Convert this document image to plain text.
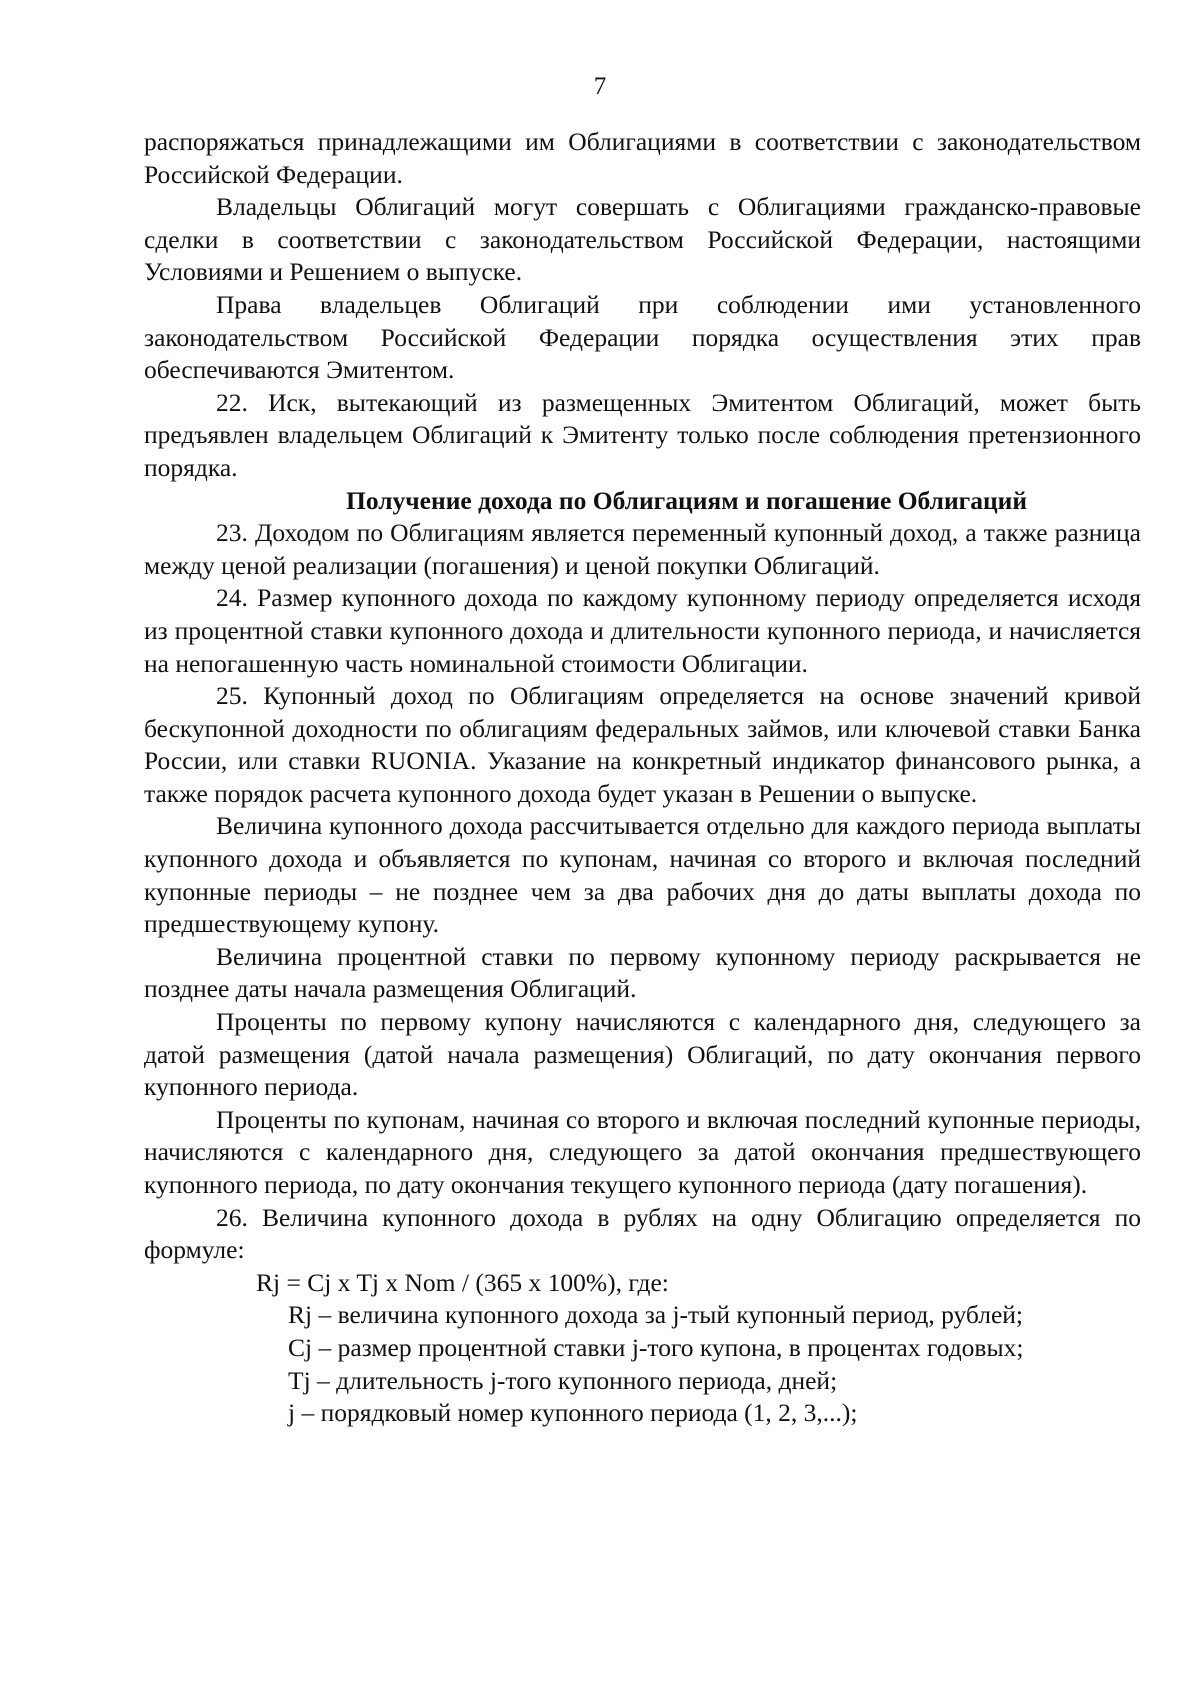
7

распоряжаться принадлежащими им Облигациями в соответствии с законодательством Российской Федерации.

Владельцы Облигаций могут совершать с Облигациями гражданско-правовые сделки в соответствии с законодательством Российской Федерации, настоящими Условиями и Решением о выпуске.

Права владельцев Облигаций при соблюдении ими установленного законодательством Российской Федерации порядка осуществления этих прав обеспечиваются Эмитентом.

22. Иск, вытекающий из размещенных Эмитентом Облигаций, может быть предъявлен владельцем Облигаций к Эмитенту только после соблюдения претензионного порядка.

Получение дохода по Облигациям и погашение Облигаций

23. Доходом по Облигациям является переменный купонный доход, а также разница между ценой реализации (погашения) и ценой покупки Облигаций.

24. Размер купонного дохода по каждому купонному периоду определяется исходя из процентной ставки купонного дохода и длительности купонного периода, и начисляется на непогашенную часть номинальной стоимости Облигации.

25. Купонный доход по Облигациям определяется на основе значений кривой бескупонной доходности по облигациям федеральных займов, или ключевой ставки Банка России, или ставки RUONIA. Указание на конкретный индикатор финансового рынка, а также порядок расчета купонного дохода будет указан в Решении о выпуске.

Величина купонного дохода рассчитывается отдельно для каждого периода выплаты купонного дохода и объявляется по купонам, начиная со второго и включая последний купонные периоды – не позднее чем за два рабочих дня до даты выплаты дохода по предшествующему купону.

Величина процентной ставки по первому купонному периоду раскрывается не позднее даты начала размещения Облигаций.

Проценты по первому купону начисляются с календарного дня, следующего за датой размещения (датой начала размещения) Облигаций, по дату окончания первого купонного периода.

Проценты по купонам, начиная со второго и включая последний купонные периоды, начисляются с календарного дня, следующего за датой окончания предшествующего купонного периода, по дату окончания текущего купонного периода (дату погашения).

26. Величина купонного дохода в рублях на одну Облигацию определяется по формуле:

Rj = Cj x Tj x Nom / (365 x 100%), где:

Rj – величина купонного дохода за j-тый купонный период, рублей;

Cj – размер процентной ставки j-того купона, в процентах годовых;

Tj – длительность j-того купонного периода, дней;

j – порядковый номер купонного периода (1, 2, 3,...);
